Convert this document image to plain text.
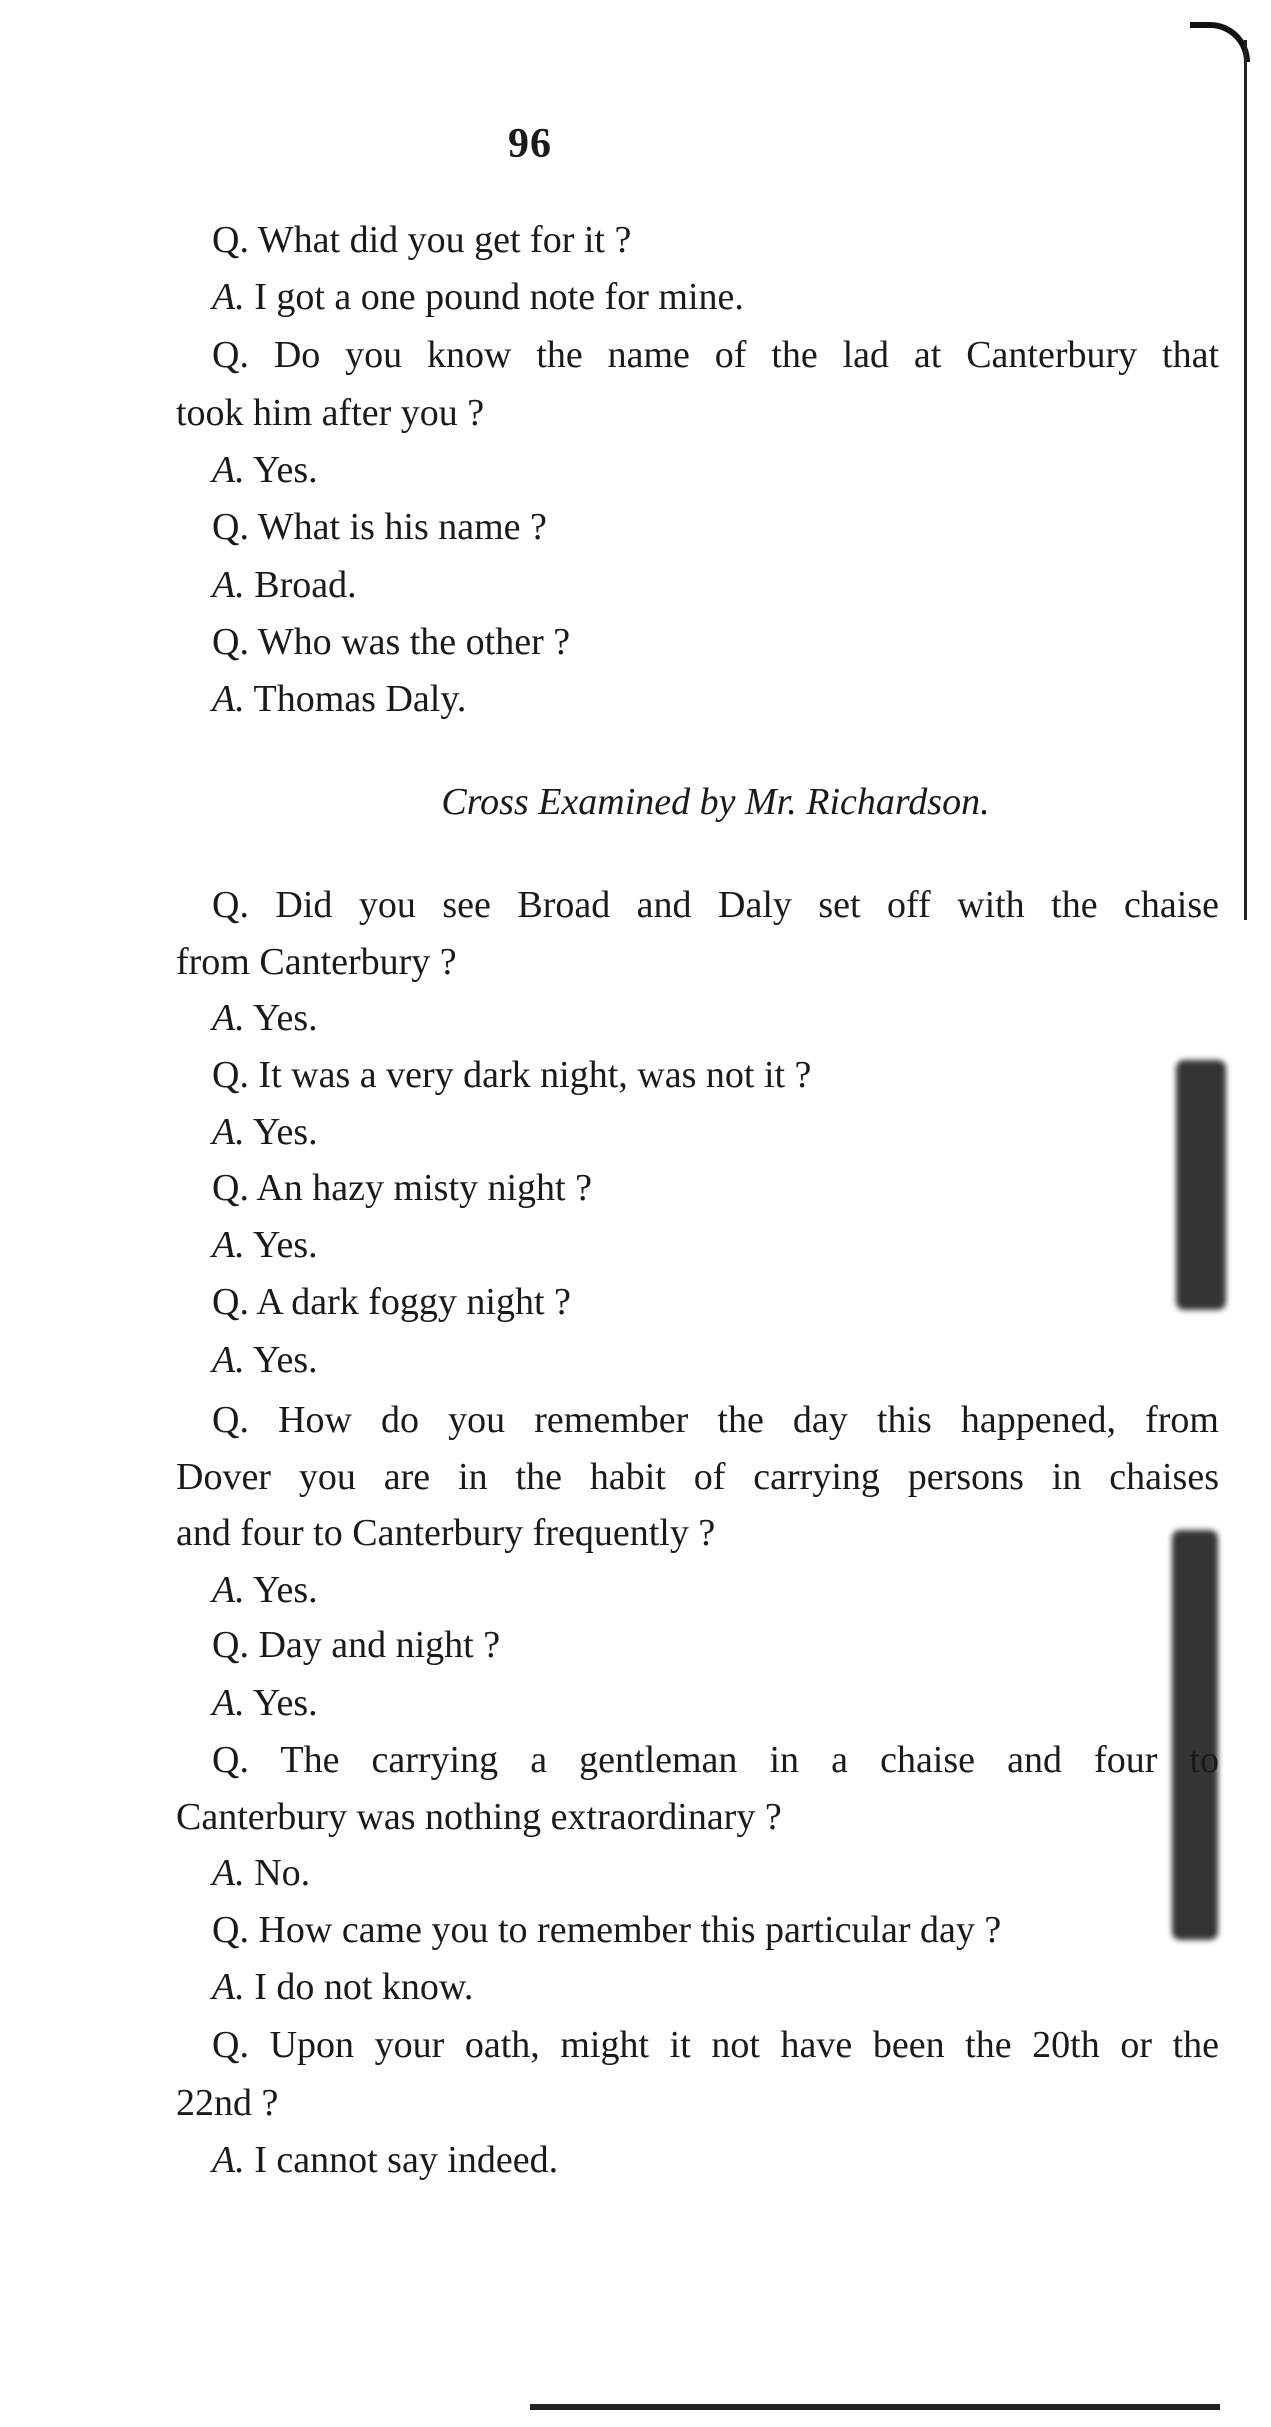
96
Cross Examined by Mr. Richardson.
Q. What did you get for it ?
A. I got a one pound note for mine.
Q. Do you know the name of the lad at Canterbury that
took him after you ?
A. Yes.
Q. What is his name ?
A. Broad.
Q. Who was the other ?
A. Thomas Daly.
Q. Did you see Broad and Daly set off with the chaise
from Canterbury ?
A. Yes.
Q. It was a very dark night, was not it ?
A. Yes.
Q. An hazy misty night ?
A. Yes.
Q. A dark foggy night ?
A. Yes.
Q. How do you remember the day this happened, from
Dover you are in the habit of carrying persons in chaises
and four to Canterbury frequently ?
A. Yes.
Q. Day and night ?
A. Yes.
Q. The carrying a gentleman in a chaise and four to
Canterbury was nothing extraordinary ?
A. No.
Q. How came you to remember this particular day ?
A. I do not know.
Q. Upon your oath, might it not have been the 20th or the
22nd ?
A. I cannot say indeed.
